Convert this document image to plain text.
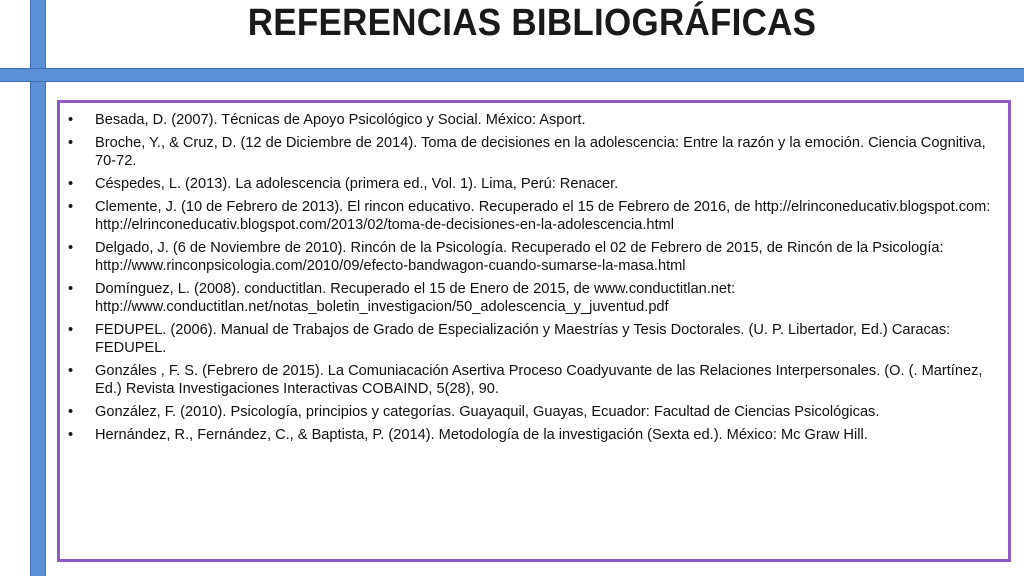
REFERENCIAS BIBLIOGRÁFICAS
• Besada, D. (2007). Técnicas de Apoyo Psicológico y Social. México: Asport.
• Broche, Y., & Cruz, D. (12 de Diciembre de 2014). Toma de decisiones en la adolescencia: Entre la razón y la emoción. Ciencia Cognitiva, 70-72.
• Céspedes, L. (2013). La adolescencia (primera ed., Vol. 1). Lima, Perú: Renacer.
• Clemente, J. (10 de Febrero de 2013). El rincon educativo. Recuperado el 15 de Febrero de 2016, de http://elrinconeducativ.blogspot.com: http://elrinconeducativ.blogspot.com/2013/02/toma-de-decisiones-en-la-adolescencia.html
• Delgado, J. (6 de Noviembre de 2010). Rincón de la Psicología. Recuperado el 02 de Febrero de 2015, de Rincón de la Psicología: http://www.rinconpsicologia.com/2010/09/efecto-bandwagon-cuando-sumarse-la-masa.html
• Domínguez, L. (2008). conductitlan. Recuperado el 15 de Enero de 2015, de www.conductitlan.net: http://www.conductitlan.net/notas_boletin_investigacion/50_adolescencia_y_juventud.pdf
• FEDUPEL. (2006). Manual de Trabajos de Grado de Especialización y Maestrías y Tesis Doctorales. (U. P. Libertador, Ed.) Caracas: FEDUPEL.
• Gonzáles , F. S. (Febrero de 2015). La Comuniacación Asertiva Proceso Coadyuvante de las Relaciones Interpersonales. (O. (. Martínez, Ed.) Revista Investigaciones Interactivas COBAIND, 5(28), 90.
• González, F. (2010). Psicología, principios y categorías. Guayaquil, Guayas, Ecuador: Facultad de Ciencias Psicológicas.
• Hernández, R., Fernández, C., & Baptista, P. (2014). Metodología de la investigación (Sexta ed.). México: Mc Graw Hill.
